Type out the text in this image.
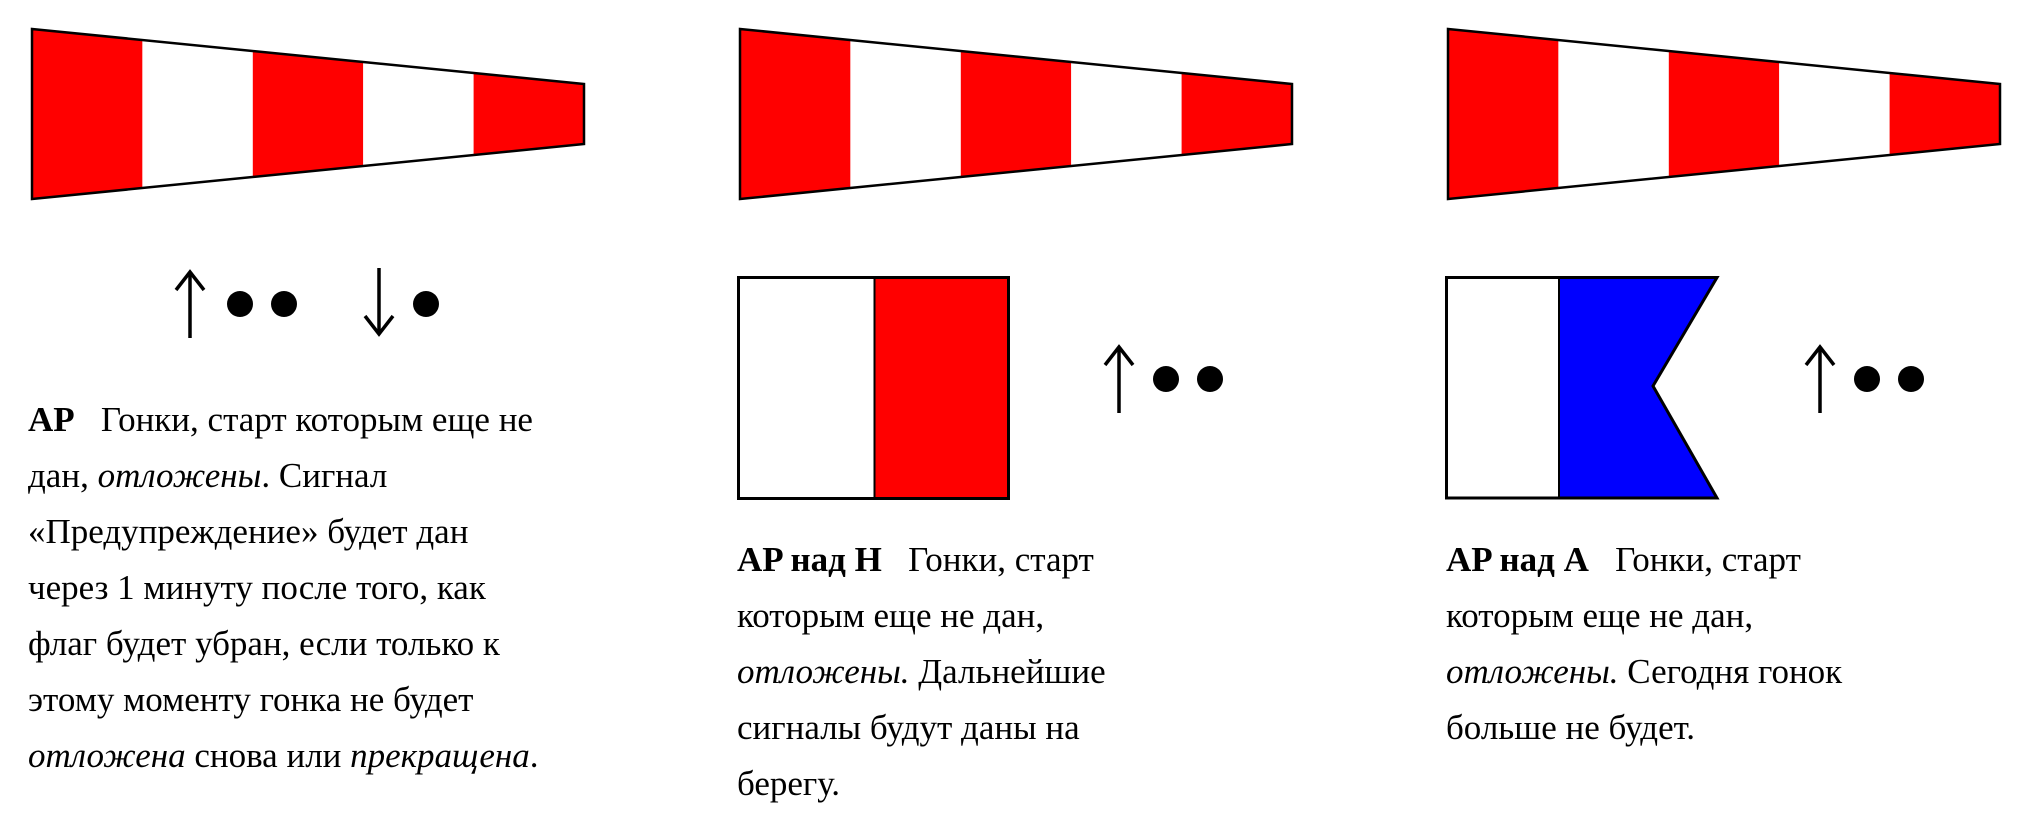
AP Гонки, старт которым еще не
дан, отложены. Сигнал
«Предупреждение» будет дан
через 1 минуту после того, как
флаг будет убран, если только к
этому моменту гонка не будет
отложена снова или прекращена.
AP над H Гонки, старт
которым еще не дан,
отложены. Дальнейшие
сигналы будут даны на
берегу.
AP над A Гонки, старт
которым еще не дан,
отложены. Сегодня гонок
больше не будет.
